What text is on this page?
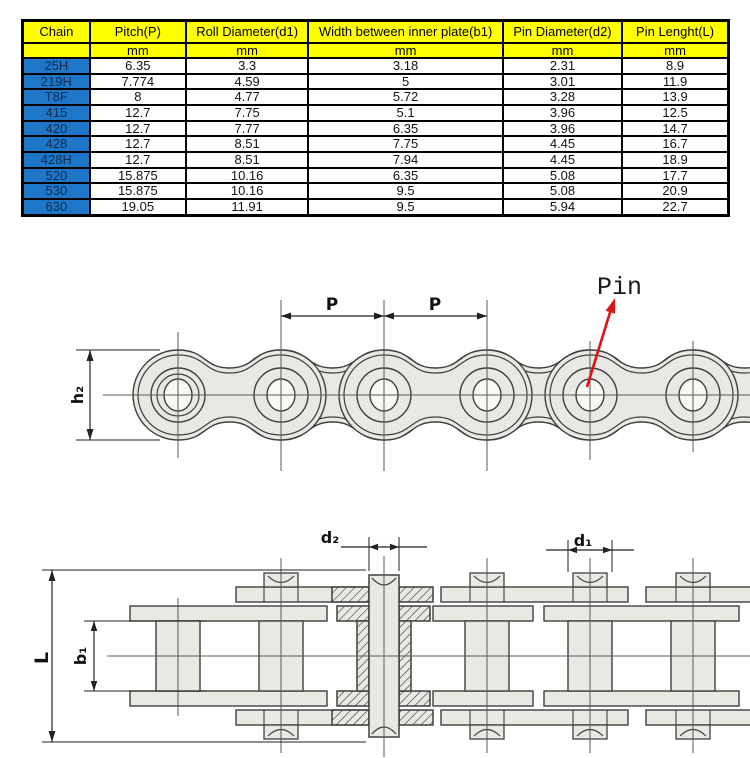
Chain	Pitch(P)	Roll Diameter(d1)	Width between inner plate(b1)	Pin Diameter(d2)	Pin Lenght(L)
	mm	mm	mm	mm	mm
25H	6.35	3.3	3.18	2.31	8.9
219H	7.774	4.59	5	3.01	11.9
T8F	8	4.77	5.72	3.28	13.9
415	12.7	7.75	5.1	3.96	12.5
420	12.7	7.77	6.35	3.96	14.7
428	12.7	8.51	7.75	4.45	16.7
428H	12.7	8.51	7.94	4.45	18.9
520	15.875	10.16	6.35	5.08	17.7
530	15.875	10.16	9.5	5.08	20.9
630	19.05	11.91	9.5	5.94	22.7
P	P
h₂
Pin
d₂	d₁
b₁
L
